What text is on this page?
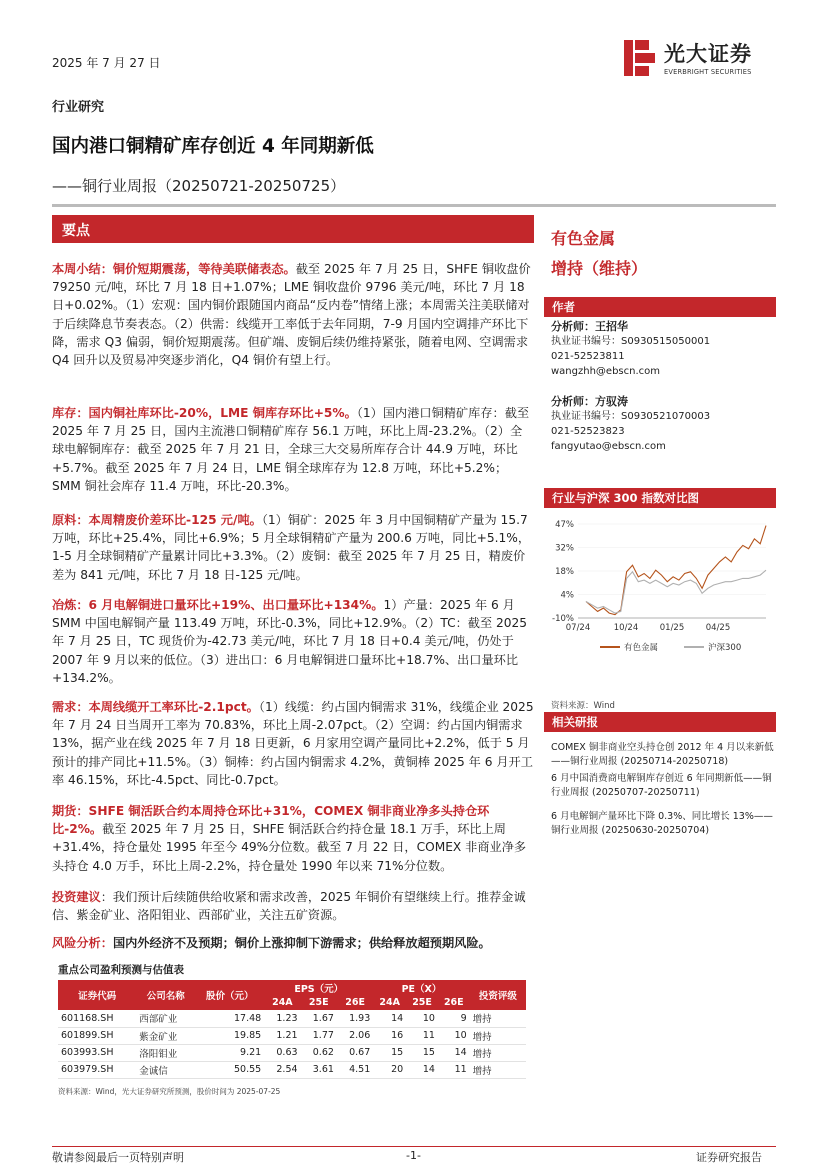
2025 年 7 月 27 日	光大证券
EVERBRIGHT SECURITIES
行业研究
国内港口铜精矿库存创近 4 年同期新低
——铜行业周报（20250721-20250725）
要点
本周小结：铜价短期震荡，等待美联储表态。截至 2025 年 7 月 25 日，SHFE 铜收盘价 79250 元/吨，环比 7 月 18 日+1.07%；LME 铜收盘价 9796 美元/吨，环比 7 月 18 日+0.02%。（1）宏观：国内铜价跟随国内商品“反内卷”情绪上涨；本周需关注美联储对于后续降息节奏表态。（2）供需：线缆开工率低于去年同期，7-9 月国内空调排产环比下降，需求 Q3 偏弱，铜价短期震荡。但矿端、废铜后续仍维持紧张，随着电网、空调需求 Q4 回升以及贸易冲突逐步消化，Q4 铜价有望上行。
库存：国内铜社库环比-20%，LME 铜库存环比+5%。（1）国内港口铜精矿库存：截至 2025 年 7 月 25 日，国内主流港口铜精矿库存 56.1 万吨，环比上周-23.2%。（2）全球电解铜库存：截至 2025 年 7 月 21 日，全球三大交易所库存合计 44.9 万吨，环比+5.7%。截至 2025 年 7 月 24 日，LME 铜全球库存为 12.8 万吨，环比+5.2%；SMM 铜社会库存 11.4 万吨，环比-20.3%。
原料：本周精废价差环比-125 元/吨。（1）铜矿：2025 年 3 月中国铜精矿产量为 15.7 万吨，环比+25.4%，同比+6.9%；5 月全球铜精矿产量为 200.6 万吨，同比+5.1%，1-5 月全球铜精矿产量累计同比+3.3%。（2）废铜：截至 2025 年 7 月 25 日，精废价差为 841 元/吨，环比 7 月 18 日-125 元/吨。
冶炼：6 月电解铜进口量环比+19%、出口量环比+134%。1）产量：2025 年 6 月 SMM 中国电解铜产量 113.49 万吨，环比-0.3%，同比+12.9%。（2）TC：截至 2025 年 7 月 25 日，TC 现货价为-42.73 美元/吨，环比 7 月 18 日+0.4 美元/吨，仍处于 2007 年 9 月以来的低位。（3）进出口：6 月电解铜进口量环比+18.7%、出口量环比+134.2%。
需求：本周线缆开工率环比-2.1pct。（1）线缆：约占国内铜需求 31%，线缆企业 2025 年 7 月 24 日当周开工率为 70.83%，环比上周-2.07pct。（2）空调：约占国内铜需求 13%，据产业在线 2025 年 7 月 18 日更新，6 月家用空调产量同比+2.2%，低于 5 月预计的排产同比+11.5%。（3）铜棒：约占国内铜需求 4.2%，黄铜棒 2025 年 6 月开工率 46.15%，环比-4.5pct、同比-0.7pct。
期货：SHFE 铜活跃合约本周持仓环比+31%，COMEX 铜非商业净多头持仓环比-2%。截至 2025 年 7 月 25 日，SHFE 铜活跃合约持仓量 18.1 万手，环比上周+31.4%，持仓量处 1995 年至今 49%分位数。截至 7 月 22 日，COMEX 非商业净多头持仓 4.0 万手，环比上周-2.2%，持仓量处 1990 年以来 71%分位数。
投资建议：我们预计后续随供给收紧和需求改善，2025 年铜价有望继续上行。推荐金诚信、紫金矿业、洛阳钼业、西部矿业，关注五矿资源。
风险分析：国内外经济不及预期；铜价上涨抑制下游需求；供给释放超预期风险。
有色金属
增持（维持）
作者
分析师：王招华
执业证书编号：S0930515050001
021-52523811
wangzhh@ebscn.com
分析师：方驭涛
执业证书编号：S0930521070003
021-52523823
fangyutao@ebscn.com
行业与沪深 300 指数对比图
47%
32%
18%
4%
-10%
07/24	10/24	01/25	04/25
有色金属	沪深300
资料来源：Wind
相关研报
COMEX 铜非商业空头持仓创 2012 年 4 月以来新低——铜行业周报 (20250714-20250718)
6 月中国消费商电解铜库存创近 6 年同期新低——铜行业周报 (20250707-20250711)
6 月电解铜产量环比下降 0.3%、同比增长 13%——铜行业周报 (20250630-20250704)
重点公司盈利预测与估值表
证券代码	公司名称	股价（元）	EPS（元）			PE（X）			投资评级
			24A	25E	26E	24A	25E	26E	
601168.SH	西部矿业	17.48	1.23	1.67	1.93	14	10	9	增持
601899.SH	紫金矿业	19.85	1.21	1.77	2.06	16	11	10	增持
603993.SH	洛阳钼业	9.21	0.63	0.62	0.67	15	15	14	增持
603979.SH	金诚信	50.55	2.54	3.61	4.51	20	14	11	增持
资料来源：Wind，光大证券研究所预测，股价时间为 2025-07-25
敬请参阅最后一页特别声明	-1-	证券研究报告
